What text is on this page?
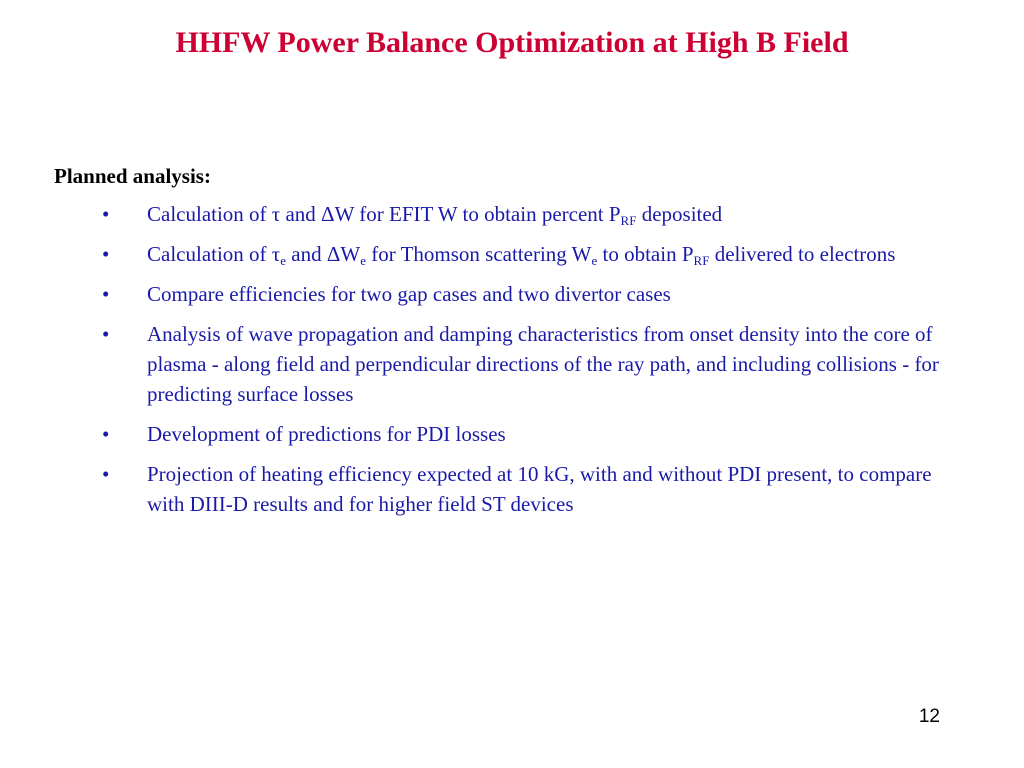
HHFW Power Balance Optimization at High B Field
Planned analysis:
• Calculation of τ and ΔW for EFIT W to obtain percent $P_{RF}$ deposited
• Calculation of $\tau_e$ and $\Delta W_e$ for Thomson scattering $W_e$ to obtain $P_{RF}$ delivered to electrons
• Compare efficiencies for two gap cases and two divertor cases
• Analysis of wave propagation and damping characteristics from onset density into the core of plasma - along field and perpendicular directions of the ray path, and including collisions - for predicting surface losses
• Development of predictions for PDI losses
• Projection of heating efficiency expected at 10 kG, with and without PDI present, to compare with DIII-D results and for higher field ST devices
12
